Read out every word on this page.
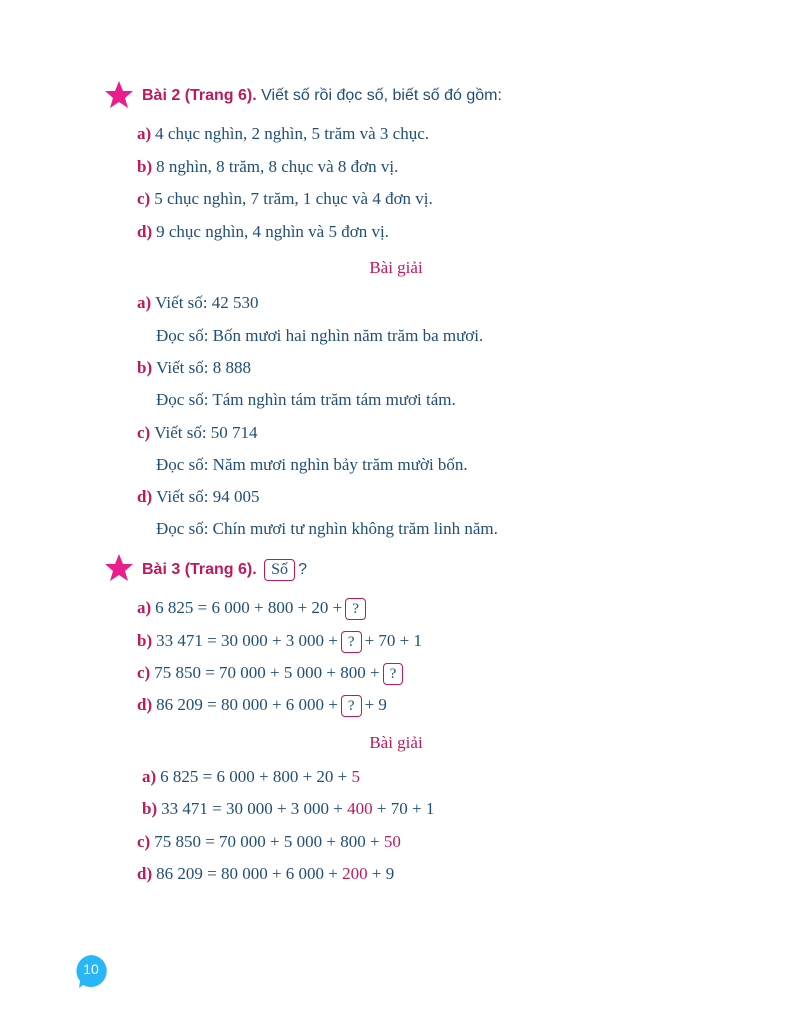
Bài 2 (Trang 6). Viết số rồi đọc số, biết số đó gồm:
a) 4 chục nghìn, 2 nghìn, 5 trăm và 3 chục.
b) 8 nghìn, 8 trăm, 8 chục và 8 đơn vị.
c) 5 chục nghìn, 7 trăm, 1 chục và 4 đơn vị.
d) 9 chục nghìn, 4 nghìn và 5 đơn vị.
Bài giải
a) Viết số: 42 530
Đọc số: Bốn mươi hai nghìn năm trăm ba mươi.
b) Viết số: 8 888
Đọc số: Tám nghìn tám trăm tám mươi tám.
c) Viết số: 50 714
Đọc số: Năm mươi nghìn bảy trăm mười bốn.
d) Viết số: 94 005
Đọc số: Chín mươi tư nghìn không trăm linh năm.
Bài 3 (Trang 6). Số ?
a) 6 825 = 6 000 + 800 + 20 + ?
b) 33 471 = 30 000 + 3 000 + ? + 70 + 1
c) 75 850 = 70 000 + 5 000 + 800 + ?
d) 86 209 = 80 000 + 6 000 + ? + 9
Bài giải
a) 6 825 = 6 000 + 800 + 20 + 5
b) 33 471 = 30 000 + 3 000 + 400 + 70 + 1
c) 75 850 = 70 000 + 5 000 + 800 + 50
d) 86 209 = 80 000 + 6 000 + 200 + 9
10
